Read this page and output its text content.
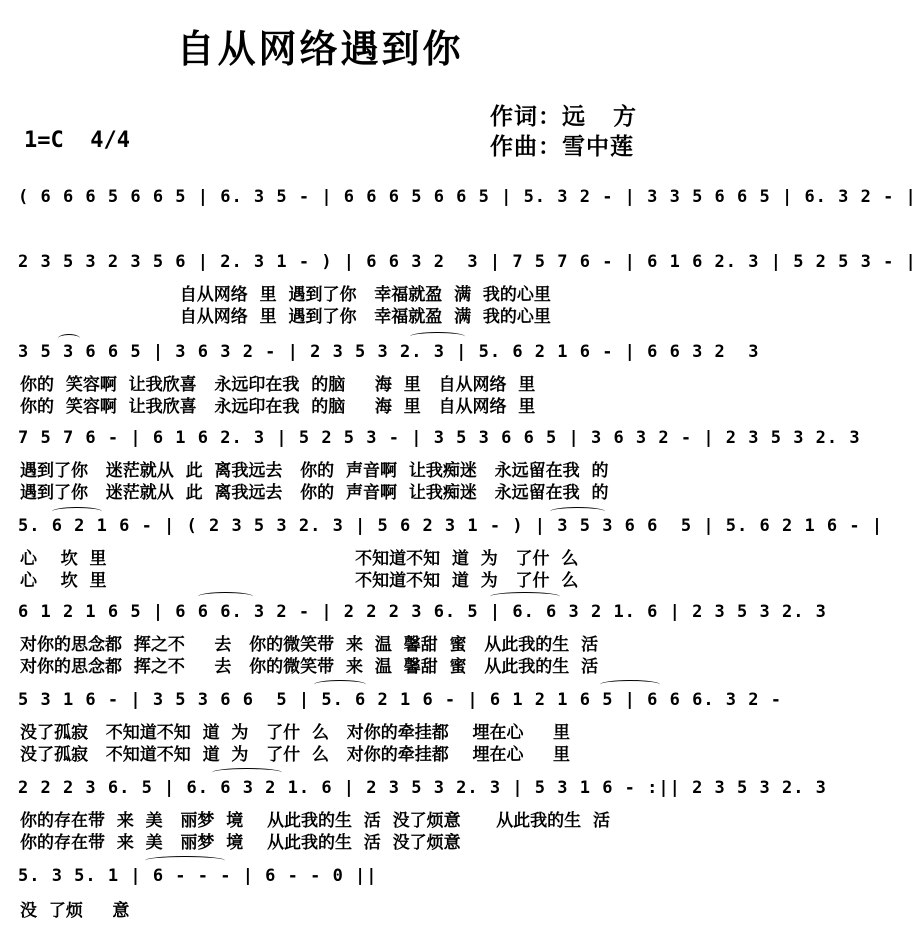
自从网络遇到你
作词：远   方
作曲：雪中莲
1=C  4/4
( 6 6 6 5 6 6 5 | 6. 3 5 - | 6 6 6 5 6 6 5 | 5. 3 2 - | 3 3 5 6 6 5 | 6. 3 2 - |
2 3 5 3 2 3 5 6 | 2. 3 1 - ) | 6 6 3 2  3 | 7 5 7 6 - | 6 1 6 2. 3 | 5 2 5 3 - |
自从网络  里  遇到了你   幸福就盈  满  我的心里
自从网络  里  遇到了你   幸福就盈  满  我的心里
3 5 3 6 6 5 | 3 6 3 2 - | 2 3 5 3 2. 3 | 5. 6 2 1 6 - | 6 6 3 2  3
你的  笑容啊  让我欣喜   永远印在我  的脑     海  里   自从网络  里
你的  笑容啊  让我欣喜   永远印在我  的脑     海  里   自从网络  里
7 5 7 6 - | 6 1 6 2. 3 | 5 2 5 3 - | 3 5 3 6 6 5 | 3 6 3 2 - | 2 3 5 3 2. 3
遇到了你   迷茫就从  此  离我远去   你的  声音啊  让我痴迷   永远留在我  的
遇到了你   迷茫就从  此  离我远去   你的  声音啊  让我痴迷   永远留在我  的
5. 6 2 1 6 - | ( 2 3 5 3 2. 3 | 5 6 2 3 1 - ) | 3 5 3 6 6  5 | 5. 6 2 1 6 - |
心    坎  里                                          不知道不知  道  为   了什  么
心    坎  里                                          不知道不知  道  为   了什  么
6 1 2 1 6 5 | 6 6 6. 3 2 - | 2 2 2 3 6. 5 | 6. 6 3 2 1. 6 | 2 3 5 3 2. 3
对你的思念都  挥之不     去   你的微笑带  来  温  馨甜  蜜   从此我的生  活
对你的思念都  挥之不     去   你的微笑带  来  温  馨甜  蜜   从此我的生  活
5 3 1 6 - | 3 5 3 6 6  5 | 5. 6 2 1 6 - | 6 1 2 1 6 5 | 6 6 6. 3 2 -
没了孤寂   不知道不知  道  为   了什  么   对你的牵挂都    埋在心     里
没了孤寂   不知道不知  道  为   了什  么   对你的牵挂都    埋在心     里
2 2 2 3 6. 5 | 6. 6 3 2 1. 6 | 2 3 5 3 2. 3 | 5 3 1 6 - :|| 2 3 5 3 2. 3
你的存在带  来  美   丽梦  境    从此我的生  活  没了烦意      从此我的生  活
你的存在带  来  美   丽梦  境    从此我的生  活  没了烦意
5. 3 5. 1 | 6 - - - | 6 - - 0 ||
没  了烦     意
